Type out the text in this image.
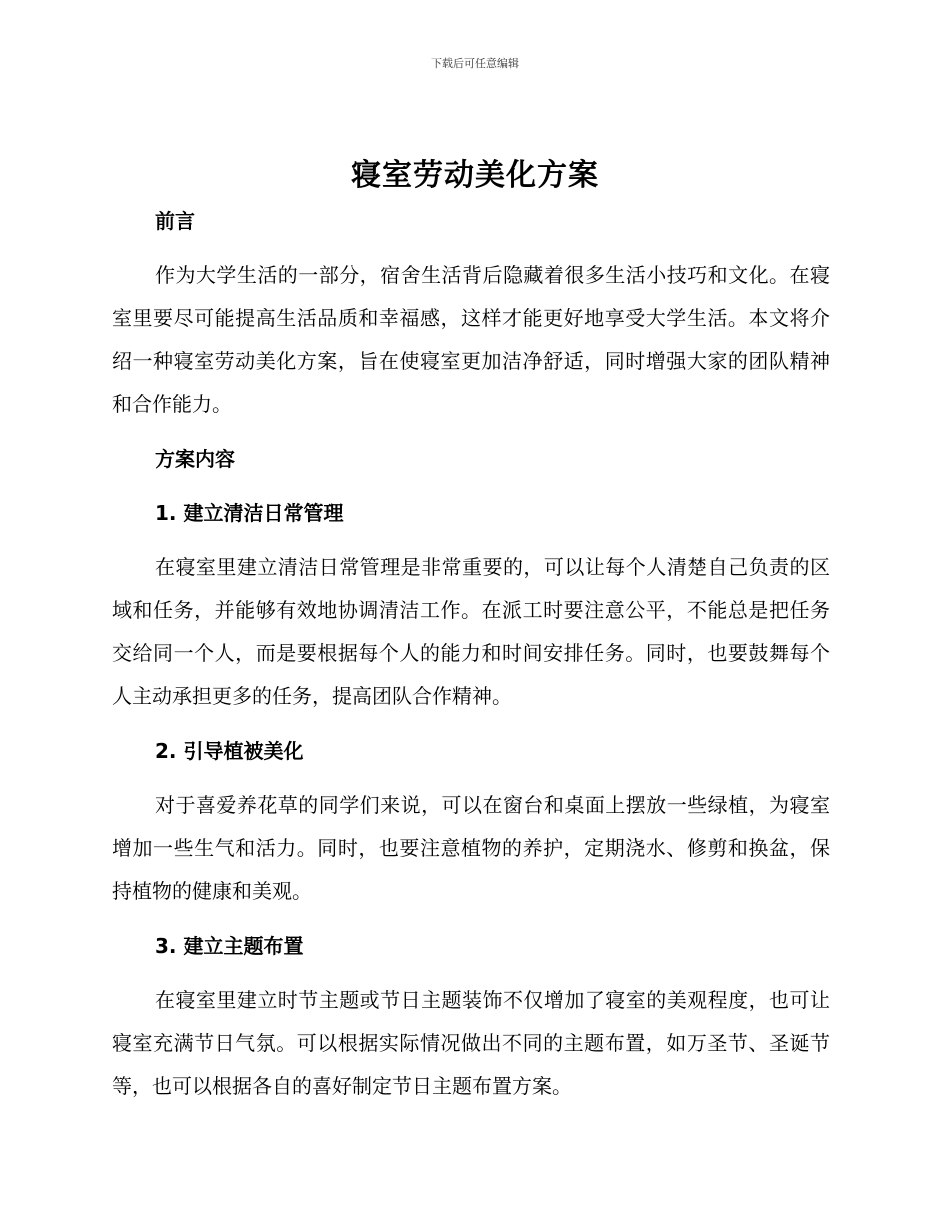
下载后可任意编辑
寝室劳动美化方案

前言

作为大学生活的一部分，宿舍生活背后隐藏着很多生活小技巧和文化。在寝室里要尽可能提高生活品质和幸福感，这样才能更好地享受大学生活。本文将介绍一种寝室劳动美化方案，旨在使寝室更加洁净舒适，同时增强大家的团队精神和合作能力。

方案内容

1. 建立清洁日常管理

在寝室里建立清洁日常管理是非常重要的，可以让每个人清楚自己负责的区域和任务，并能够有效地协调清洁工作。在派工时要注意公平，不能总是把任务交给同一个人，而是要根据每个人的能力和时间安排任务。同时，也要鼓舞每个人主动承担更多的任务，提高团队合作精神。

2. 引导植被美化

对于喜爱养花草的同学们来说，可以在窗台和桌面上摆放一些绿植，为寝室增加一些生气和活力。同时，也要注意植物的养护，定期浇水、修剪和换盆，保持植物的健康和美观。

3. 建立主题布置

在寝室里建立时节主题或节日主题装饰不仅增加了寝室的美观程度，也可让寝室充满节日气氛。可以根据实际情况做出不同的主题布置，如万圣节、圣诞节等，也可以根据各自的喜好制定节日主题布置方案。
